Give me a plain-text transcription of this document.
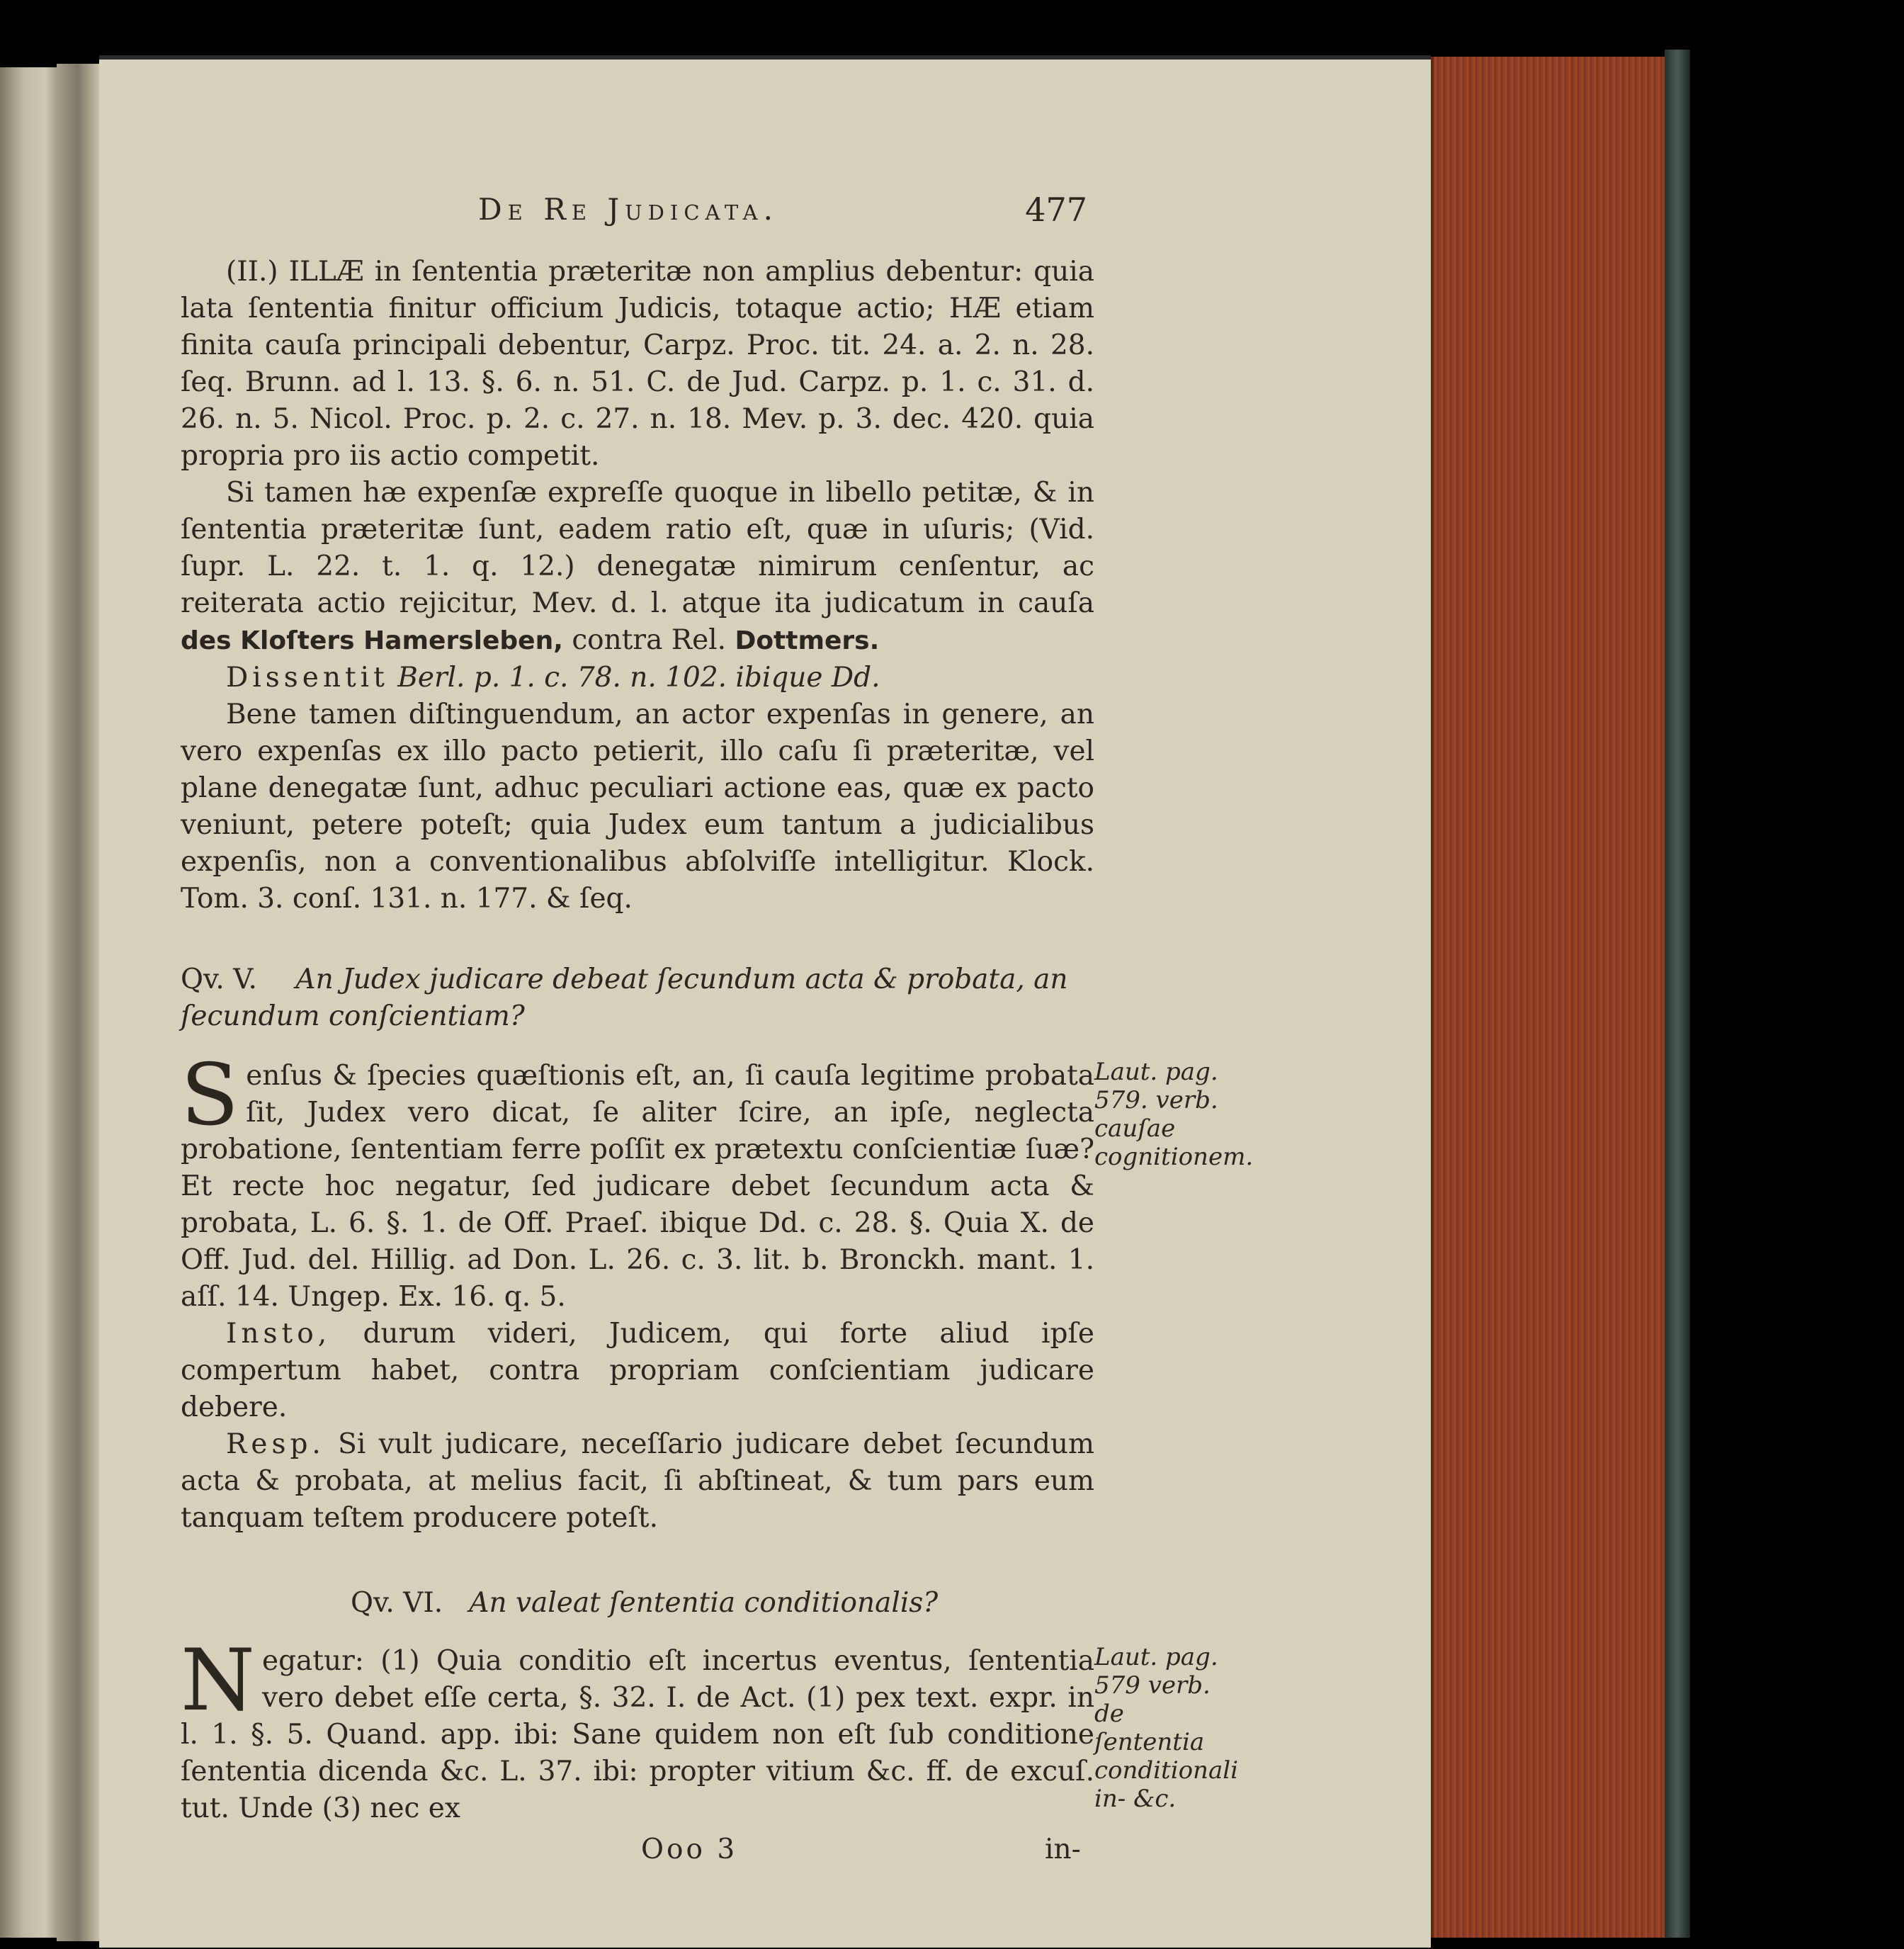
De Re Judicata.	477

(II.) ILLÆ in ſententia præteritæ non amplius debentur: quia lata ſententia finitur officium Judicis, totaque actio; HÆ etiam finita cauſa principali debentur, Carpz. Proc. tit. 24. a. 2. n. 28. ſeq. Brunn. ad l. 13. §. 6. n. 51. C. de Jud. Carpz. p. 1. c. 31. d. 26. n. 5. Nicol. Proc. p. 2. c. 27. n. 18. Mev. p. 3. dec. 420. quia propria pro iis actio competit.

Si tamen hæ expenſæ expreſſe quoque in libello petitæ, & in ſententia præteritæ ſunt, eadem ratio eſt, quæ in uſuris; (Vid. ſupr. L. 22. t. 1. q. 12.) denegatæ nimirum cenſentur, ac reiterata actio rejicitur, Mev. d. l. atque ita judicatum in cauſa des Kloſters Hamersleben, contra Rel. Dottmers.

Dissentit Berl. p. 1. c. 78. n. 102. ibique Dd.

Bene tamen diſtinguendum, an actor expenſas in genere, an vero expenſas ex illo pacto petierit, illo caſu ſi præteritæ, vel plane denegatæ ſunt, adhuc peculiari actione eas, quæ ex pacto veniunt, petere poteſt; quia Judex eum tantum a judicialibus expenſis, non a conventionalibus abſolviſſe intelligitur. Klock. Tom. 3. conſ. 131. n. 177. & ſeq.

Qv. V. An Judex judicare debeat ſecundum acta & probata, an ſecundum conſcientiam?
Laut. pag. 579. verb. cauſae cognitionem.

Senſus & ſpecies quæſtionis eſt, an, ſi cauſa legitime probata ſit, Judex vero dicat, ſe aliter ſcire, an ipſe, neglecta probatione, ſententiam ferre poſſit ex prætextu conſcientiæ ſuæ? Et recte hoc negatur, ſed judicare debet ſecundum acta & probata, L. 6. §. 1. de Off. Praeſ. ibique Dd. c. 28. §. Quia X. de Off. Jud. del. Hillig. ad Don. L. 26. c. 3. lit. b. Bronckh. mant. 1. aſſ. 14. Ungep. Ex. 16. q. 5.

Insto, durum videri, Judicem, qui forte aliud ipſe compertum habet, contra propriam conſcientiam judicare debere.

Resp. Si vult judicare, neceſſario judicare debet ſecundum acta & probata, at melius facit, ſi abſtineat, & tum pars eum tanquam teſtem producere poteſt.

Qv. VI. An valeat ſententia conditionalis?
Laut. pag. 579 verb. de ſententia conditionali in- &c.

Negatur: (1) Quia conditio eſt incertus eventus, ſententia vero debet eſſe certa, §. 32. I. de Act. (1) pex text. expr. in l. 1. §. 5. Quand. app. ibi: Sane quidem non eſt ſub conditione ſententia dicenda &c. L. 37. ibi: propter vitium &c. ff. de excuſ. tut. Unde (3) nec ex

Ooo 3	in-
